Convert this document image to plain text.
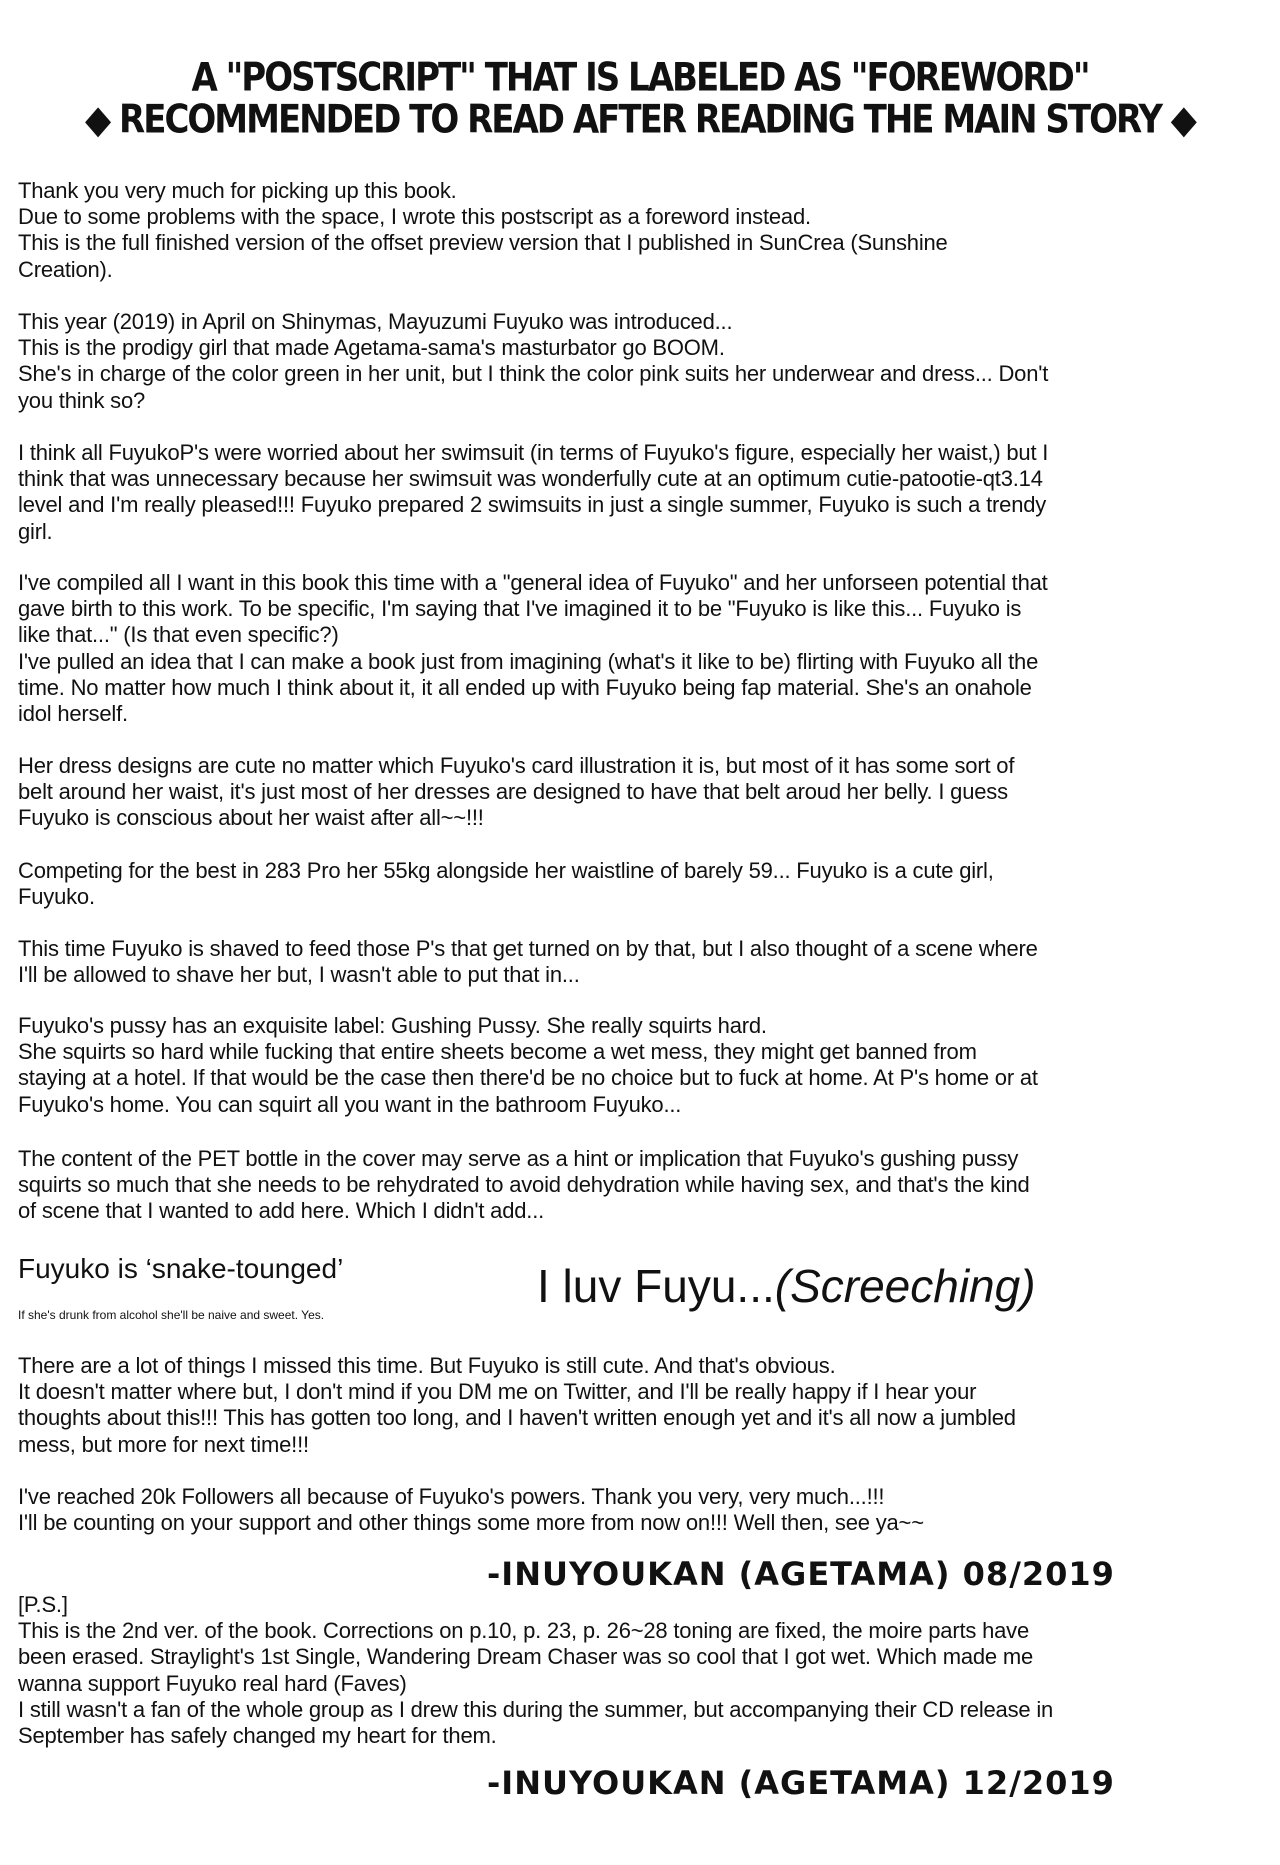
A "POSTSCRIPT" THAT IS LABELED AS "FOREWORD"
◆ RECOMMENDED TO READ AFTER READING THE MAIN STORY ◆
Thank you very much for picking up this book.
Due to some problems with the space, I wrote this postscript as a foreword instead.
This is the full finished version of the offset preview version that I published in SunCrea (Sunshine
Creation).
This year (2019) in April on Shinymas, Mayuzumi Fuyuko was introduced...
This is the prodigy girl that made Agetama-sama's masturbator go BOOM.
She's in charge of the color green in her unit, but I think the color pink suits her underwear and dress... Don't
you think so?
I think all FuyukoP's were worried about her swimsuit (in terms of Fuyuko's figure, especially her waist,) but I
think that was unnecessary because her swimsuit was wonderfully cute at an optimum cutie-patootie-qt3.14
level and I'm really pleased!!! Fuyuko prepared 2 swimsuits in just a single summer, Fuyuko is such a trendy
girl.
I've compiled all I want in this book this time with a "general idea of Fuyuko" and her unforseen potential that
gave birth to this work. To be specific, I'm saying that I've imagined it to be "Fuyuko is like this... Fuyuko is
like that..." (Is that even specific?)
I've pulled an idea that I can make a book just from imagining (what's it like to be) flirting with Fuyuko all the
time. No matter how much I think about it, it all ended up with Fuyuko being fap material. She's an onahole
idol herself.
Her dress designs are cute no matter which Fuyuko's card illustration it is, but most of it has some sort of
belt around her waist, it's just most of her dresses are designed to have that belt aroud her belly. I guess
Fuyuko is conscious about her waist after all~~!!!
Competing for the best in 283 Pro her 55kg alongside her waistline of barely 59... Fuyuko is a cute girl,
Fuyuko.
This time Fuyuko is shaved to feed those P's that get turned on by that, but I also thought of a scene where
I'll be allowed to shave her but, I wasn't able to put that in...
Fuyuko's pussy has an exquisite label: Gushing Pussy. She really squirts hard.
She squirts so hard while fucking that entire sheets become a wet mess, they might get banned from
staying at a hotel. If that would be the case then there'd be no choice but to fuck at home. At P's home or at
Fuyuko's home. You can squirt all you want in the bathroom Fuyuko...
The content of the PET bottle in the cover may serve as a hint or implication that Fuyuko's gushing pussy
squirts so much that she needs to be rehydrated to avoid dehydration while having sex, and that's the kind
of scene that I wanted to add here. Which I didn't add...
There are a lot of things I missed this time. But Fuyuko is still cute. And that's obvious.
It doesn't matter where but, I don't mind if you DM me on Twitter, and I'll be really happy if I hear your
thoughts about this!!! This has gotten too long, and I haven't written enough yet and it's all now a jumbled
mess, but more for next time!!!
I've reached 20k Followers all because of Fuyuko's powers. Thank you very, very much...!!!
I'll be counting on your support and other things some more from now on!!! Well then, see ya~~
[P.S.]
This is the 2nd ver. of the book. Corrections on p.10, p. 23, p. 26~28 toning are fixed, the moire parts have
been erased. Straylight's 1st Single, Wandering Dream Chaser was so cool that I got wet. Which made me
wanna support Fuyuko real hard (Faves)
I still wasn't a fan of the whole group as I drew this during the summer, but accompanying their CD release in
September has safely changed my heart for them.
Fuyuko is ‘snake-tounged’
If she's drunk from alcohol she'll be naive and sweet. Yes.
I luv Fuyu...(Screeching)
-INUYOUKAN (AGETAMA) 08/2019
-INUYOUKAN (AGETAMA) 12/2019
